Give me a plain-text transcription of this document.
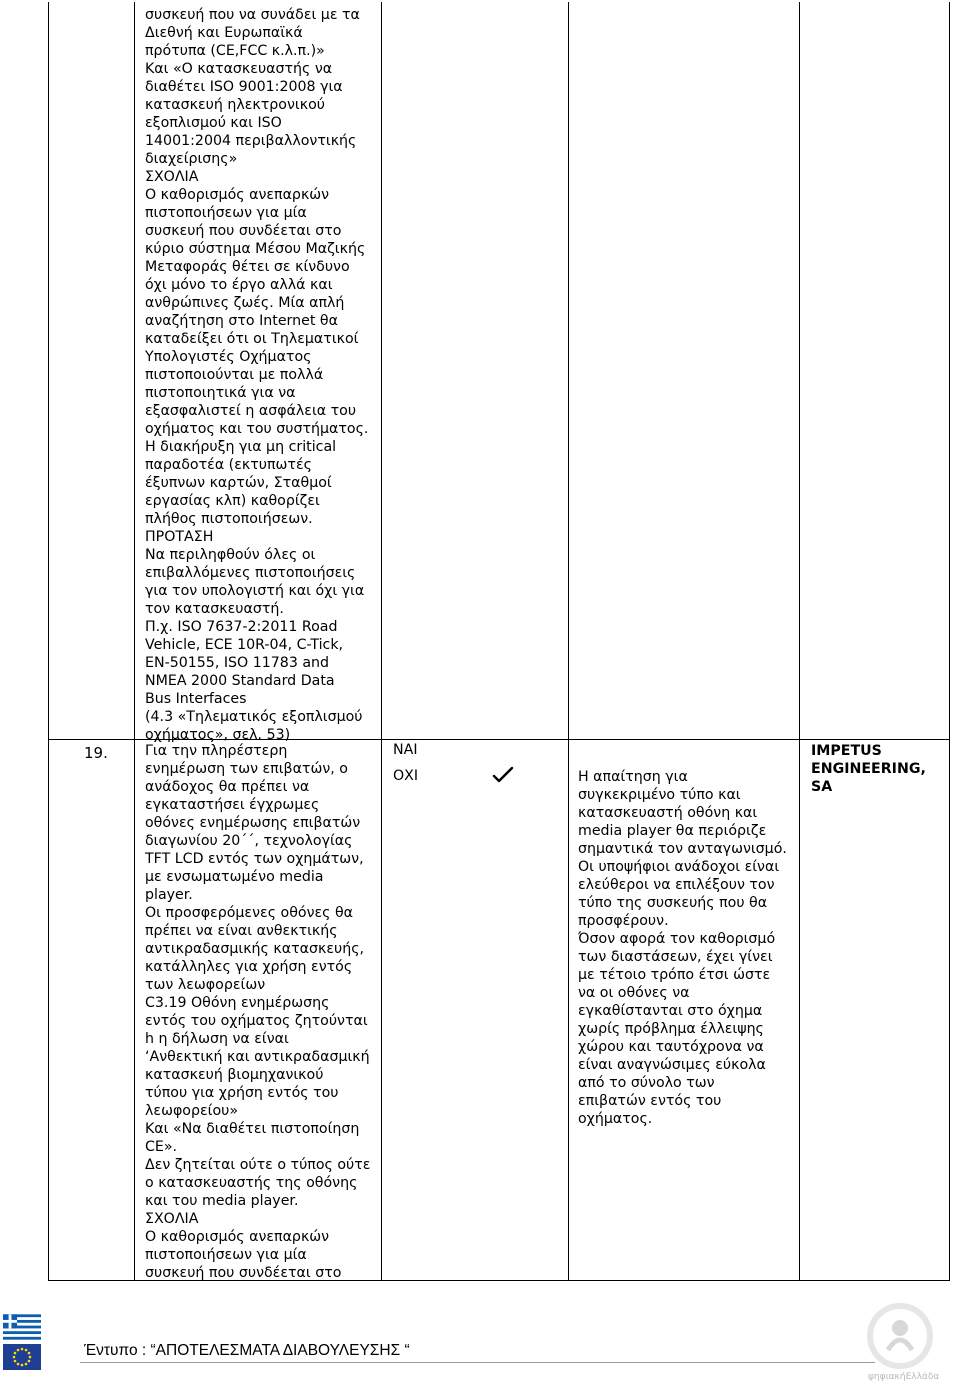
συσκευή που να συνάδει με τα
Διεθνή και Ευρωπαϊκά
πρότυπα (CE,FCC κ.λ.π.)»
Και «Ο κατασκευαστής να
διαθέτει ISO 9001:2008 για
κατασκευή ηλεκτρονικού
εξοπλισμού και ISO
14001:2004 περιβαλλοντικής
διαχείρισης»
ΣΧΟΛΙΑ
Ο καθορισμός ανεπαρκών
πιστοποιήσεων για μία
συσκευή που συνδέεται στο
κύριο σύστημα Μέσου Μαζικής
Μεταφοράς θέτει σε κίνδυνο
όχι μόνο το έργο αλλά και
ανθρώπινες ζωές. Μία απλή
αναζήτηση στο Internet θα
καταδείξει ότι οι Τηλεματικοί
Υπολογιστές Οχήματος
πιστοποιούνται με πολλά
πιστοποιητικά για να
εξασφαλιστεί η ασφάλεια του
οχήματος και του συστήματος.
Η διακήρυξη για μη critical
παραδοτέα (εκτυπωτές
έξυπνων καρτών, Σταθμοί
εργασίας κλπ) καθορίζει
πλήθος πιστοποιήσεων.
ΠΡΟΤΑΣΗ
Να περιληφθούν όλες οι
επιβαλλόμενες πιστοποιήσεις
για τον υπολογιστή και όχι για
τον κατασκευαστή.
Π.χ. ISO 7637-2:2011 Road
Vehicle, ECE 10R-04, C-Tick,
EN-50155, ISO 11783 and
NMEA 2000 Standard Data
Bus Interfaces
(4.3 «Τηλεματικός εξοπλισμού
οχήματος», σελ. 53)
19.	Για την πληρέστερη
ενημέρωση των επιβατών, ο
ανάδοχος θα πρέπει να
εγκαταστήσει έγχρωμες
οθόνες ενημέρωσης επιβατών
διαγωνίου 20΄΄, τεχνολογίας
TFT LCD εντός των οχημάτων,
με ενσωματωμένο media
player.
Οι προσφερόμενες οθόνες θα
πρέπει να είναι ανθεκτικής
αντικραδασμικής κατασκευής,
κατάλληλες για χρήση εντός
των λεωφορείων
C3.19 Οθόνη ενημέρωσης
εντός του οχήματος ζητούνται
h η δήλωση να είναι
‘Ανθεκτική και αντικραδασμική
κατασκευή βιομηχανικού
τύπου για χρήση εντός του
λεωφορείου»
Και «Να διαθέτει πιστοποίηση
CE».
Δεν ζητείται ούτε ο τύπος ούτε
ο κατασκευαστής της οθόνης
και του media player.
ΣΧΟΛΙΑ
Ο καθορισμός ανεπαρκών
πιστοποιήσεων για μία
συσκευή που συνδέεται στο
ΝΑΙ
ΟΧΙ	Η απαίτηση για
συγκεκριμένο τύπο και
κατασκευαστή οθόνη και
media player θα περιόριζε
σημαντικά τον ανταγωνισμό.
Οι υποψήφιοι ανάδοχοι είναι
ελεύθεροι να επιλέξουν τον
τύπο της συσκευής που θα
προσφέρουν.
Όσον αφορά τον καθορισμό
των διαστάσεων, έχει γίνει
με τέτοιο τρόπο έτσι ώστε
να οι οθόνες να
εγκαθίστανται στο όχημα
χωρίς πρόβλημα έλλειψης
χώρου και ταυτόχρονα να
είναι αναγνώσιμες εύκολα
από το σύνολο των
επιβατών εντός του
οχήματος.
IMPETUS
ENGINEERING,
SA
Έντυπο : “ΑΠΟΤΕΛΕΣΜΑΤΑ ΔΙΑΒΟΥΛΕΥΣΗΣ “
ψηφιακήΕλλάδα
